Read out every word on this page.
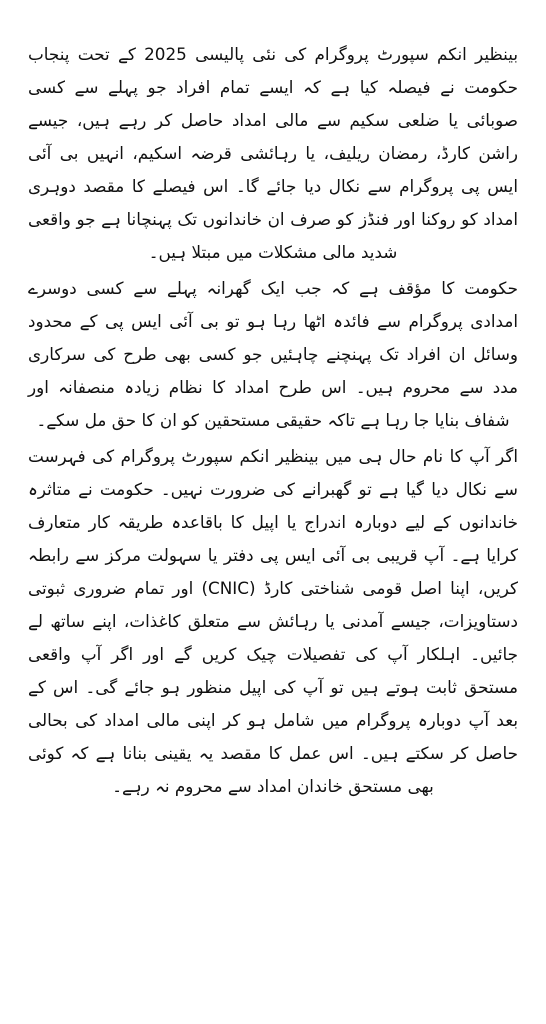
بینظیر انکم سپورٹ پروگرام کی نئی پالیسی 2025 کے تحت پنجاب حکومت نے فیصلہ کیا ہے کہ ایسے تمام افراد جو پہلے سے کسی صوبائی یا ضلعی سکیم سے مالی امداد حاصل کر رہے ہیں، جیسے راشن کارڈ، رمضان ریلیف، یا رہائشی قرضہ اسکیم، انہیں بی آئی ایس پی پروگرام سے نکال دیا جائے گا۔ اس فیصلے کا مقصد دوہری امداد کو روکنا اور فنڈز کو صرف ان خاندانوں تک پہنچانا ہے جو واقعی شدید مالی مشکلات میں مبتلا ہیں۔

حکومت کا مؤقف ہے کہ جب ایک گھرانہ پہلے سے کسی دوسرے امدادی پروگرام سے فائدہ اٹھا رہا ہو تو بی آئی ایس پی کے محدود وسائل ان افراد تک پہنچنے چاہئیں جو کسی بھی طرح کی سرکاری مدد سے محروم ہیں۔ اس طرح امداد کا نظام زیادہ منصفانہ اور شفاف بنایا جا رہا ہے تاکہ حقیقی مستحقین کو ان کا حق مل سکے۔

اگر آپ کا نام حال ہی میں بینظیر انکم سپورٹ پروگرام کی فہرست سے نکال دیا گیا ہے تو گھبرانے کی ضرورت نہیں۔ حکومت نے متاثرہ خاندانوں کے لیے دوبارہ اندراج یا اپیل کا باقاعدہ طریقہ کار متعارف کرایا ہے۔ آپ قریبی بی آئی ایس پی دفتر یا سہولت مرکز سے رابطہ کریں، اپنا اصل قومی شناختی کارڈ (CNIC) اور تمام ضروری ثبوتی دستاویزات، جیسے آمدنی یا رہائش سے متعلق کاغذات، اپنے ساتھ لے جائیں۔ اہلکار آپ کی تفصیلات چیک کریں گے اور اگر آپ واقعی مستحق ثابت ہوتے ہیں تو آپ کی اپیل منظور ہو جائے گی۔ اس کے بعد آپ دوبارہ پروگرام میں شامل ہو کر اپنی مالی امداد کی بحالی حاصل کر سکتے ہیں۔ اس عمل کا مقصد یہ یقینی بنانا ہے کہ کوئی بھی مستحق خاندان امداد سے محروم نہ رہے۔
